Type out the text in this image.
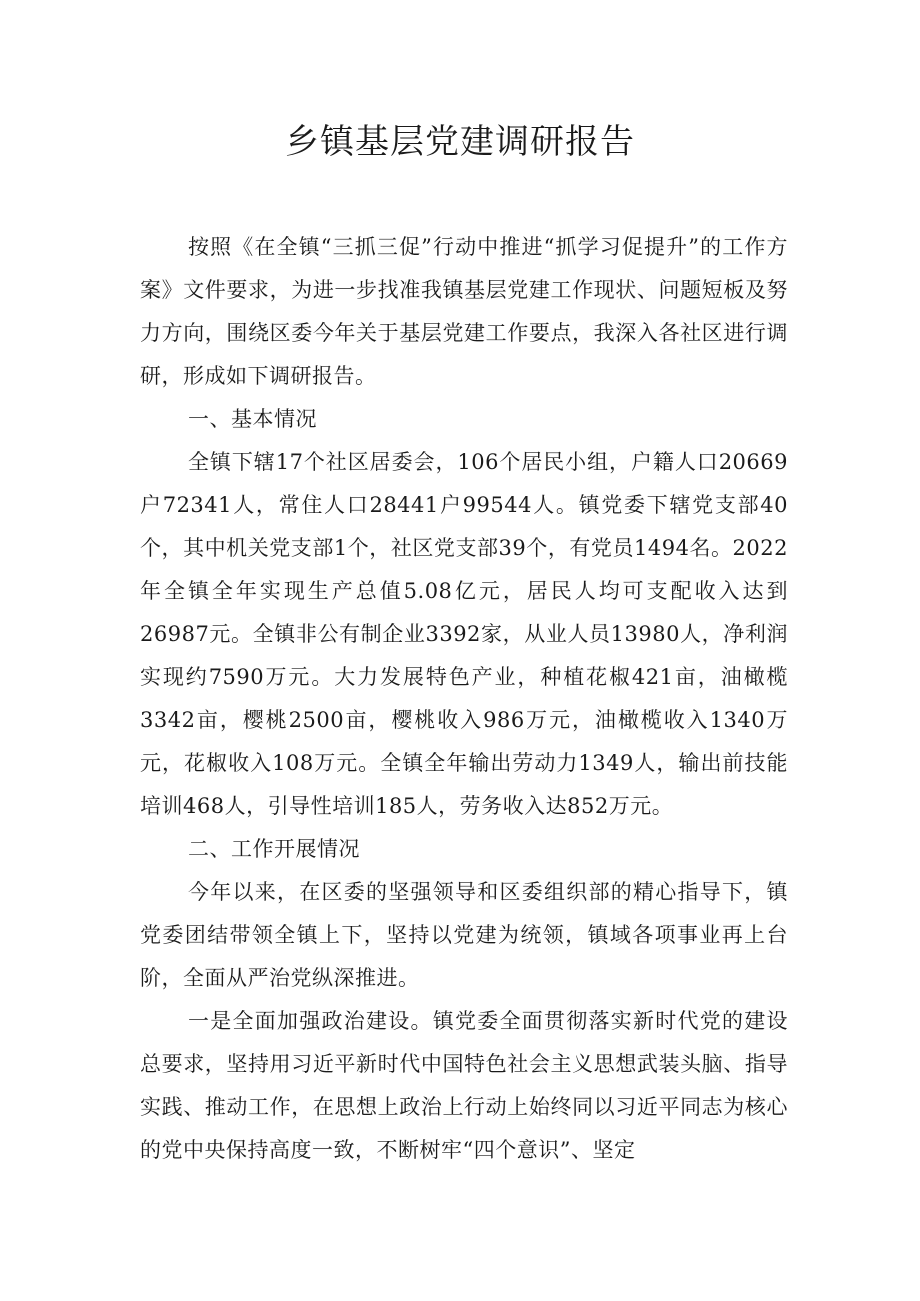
乡镇基层党建调研报告

按照《在全镇“三抓三促”行动中推进“抓学习促提升”的工作方案》文件要求，为进一步找准我镇基层党建工作现状、问题短板及努力方向，围绕区委今年关于基层党建工作要点，我深入各社区进行调研，形成如下调研报告。

一、基本情况

全镇下辖17个社区居委会，106个居民小组，户籍人口20669户72341人，常住人口28441户99544人。镇党委下辖党支部40个，其中机关党支部1个，社区党支部39个，有党员1494名。2022年全镇全年实现生产总值5.08亿元，居民人均可支配收入达到26987元。全镇非公有制企业3392家，从业人员13980人，净利润实现约7590万元。大力发展特色产业，种植花椒421亩，油橄榄3342亩，樱桃2500亩，樱桃收入986万元，油橄榄收入1340万元，花椒收入108万元。全镇全年输出劳动力1349人，输出前技能培训468人，引导性培训185人，劳务收入达852万元。

二、工作开展情况

今年以来，在区委的坚强领导和区委组织部的精心指导下，镇党委团结带领全镇上下，坚持以党建为统领，镇域各项事业再上台阶，全面从严治党纵深推进。

一是全面加强政治建设。镇党委全面贯彻落实新时代党的建设总要求，坚持用习近平新时代中国特色社会主义思想武装头脑、指导实践、推动工作，在思想上政治上行动上始终同以习近平同志为核心的党中央保持高度一致，不断树牢“四个意识”、坚定
